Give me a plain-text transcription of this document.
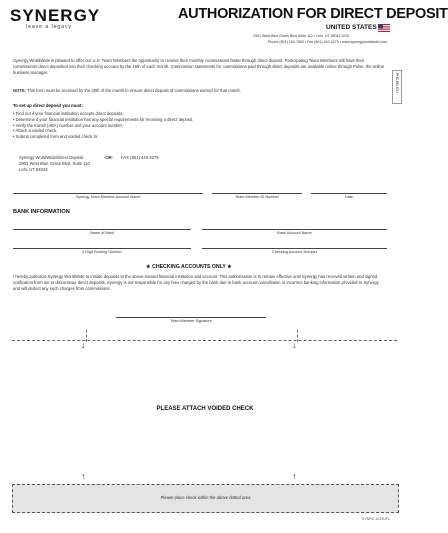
SYNERGY
leave a legacy
AUTHORIZATION FOR DIRECT DEPOSIT
UNITED STATES
2901 West Blue Grass Blvd Suite 110 • Lehi, UT 84043 USA
Phone (801) 769-7800 • Fax (801) 443-3279 • www.synergyworldwide.com
PHS-DD-US1
Synergy WorldWide is pleased to offer our U.S. Team Members the opportunity to receive their monthly commissions faster through direct deposit. Participating Team Members will have their commissions direct deposited into their checking account by the 15th of each month. Commission statements for commissions paid through direct deposits are available online through Pulse, the online business manager.
NOTE: This form must be received by the 25th of the month to ensure direct deposit of commissions earned for that month.
To set up direct deposit you must:
• Find out if your financial institution accepts direct deposits.
• Determine if your financial institution has any special requirements for receiving a direct deposit.
• Verify the transit (ABA) number and your account number.
• Attach a voided check.
• Submit completed form and voided check to:
Synergy WorldWide/Direct Deposit
2901 West Blue Grass Blvd, Suite 110
Lehi, UT 84043
-OR- FAX (801) 443-3279
Synergy Team Member Account Name	Team Member ID Number	Date
BANK INFORMATION
Name of Bank	Bank Account Name
9 Digit Routing Number	Checking Account Number
★ CHECKING ACCOUNTS ONLY ★
I hereby authorize Synergy WorldWide to initiate deposits to the above-named financial institution and account. This authorization is to remain effective until Synergy has received written and signed notification from me to discontinue direct deposits. Synergy is not responsible for any fees charged by the bank due to bank account cancellation or incorrect banking information provided to Synergy and will deduct any such charges from commissions.
Team Member Signature
↓	↓
PLEASE ATTACH VOIDED CHECK
↑	↑
Please place check within the above dotted area
SYNRC-1019UT1
